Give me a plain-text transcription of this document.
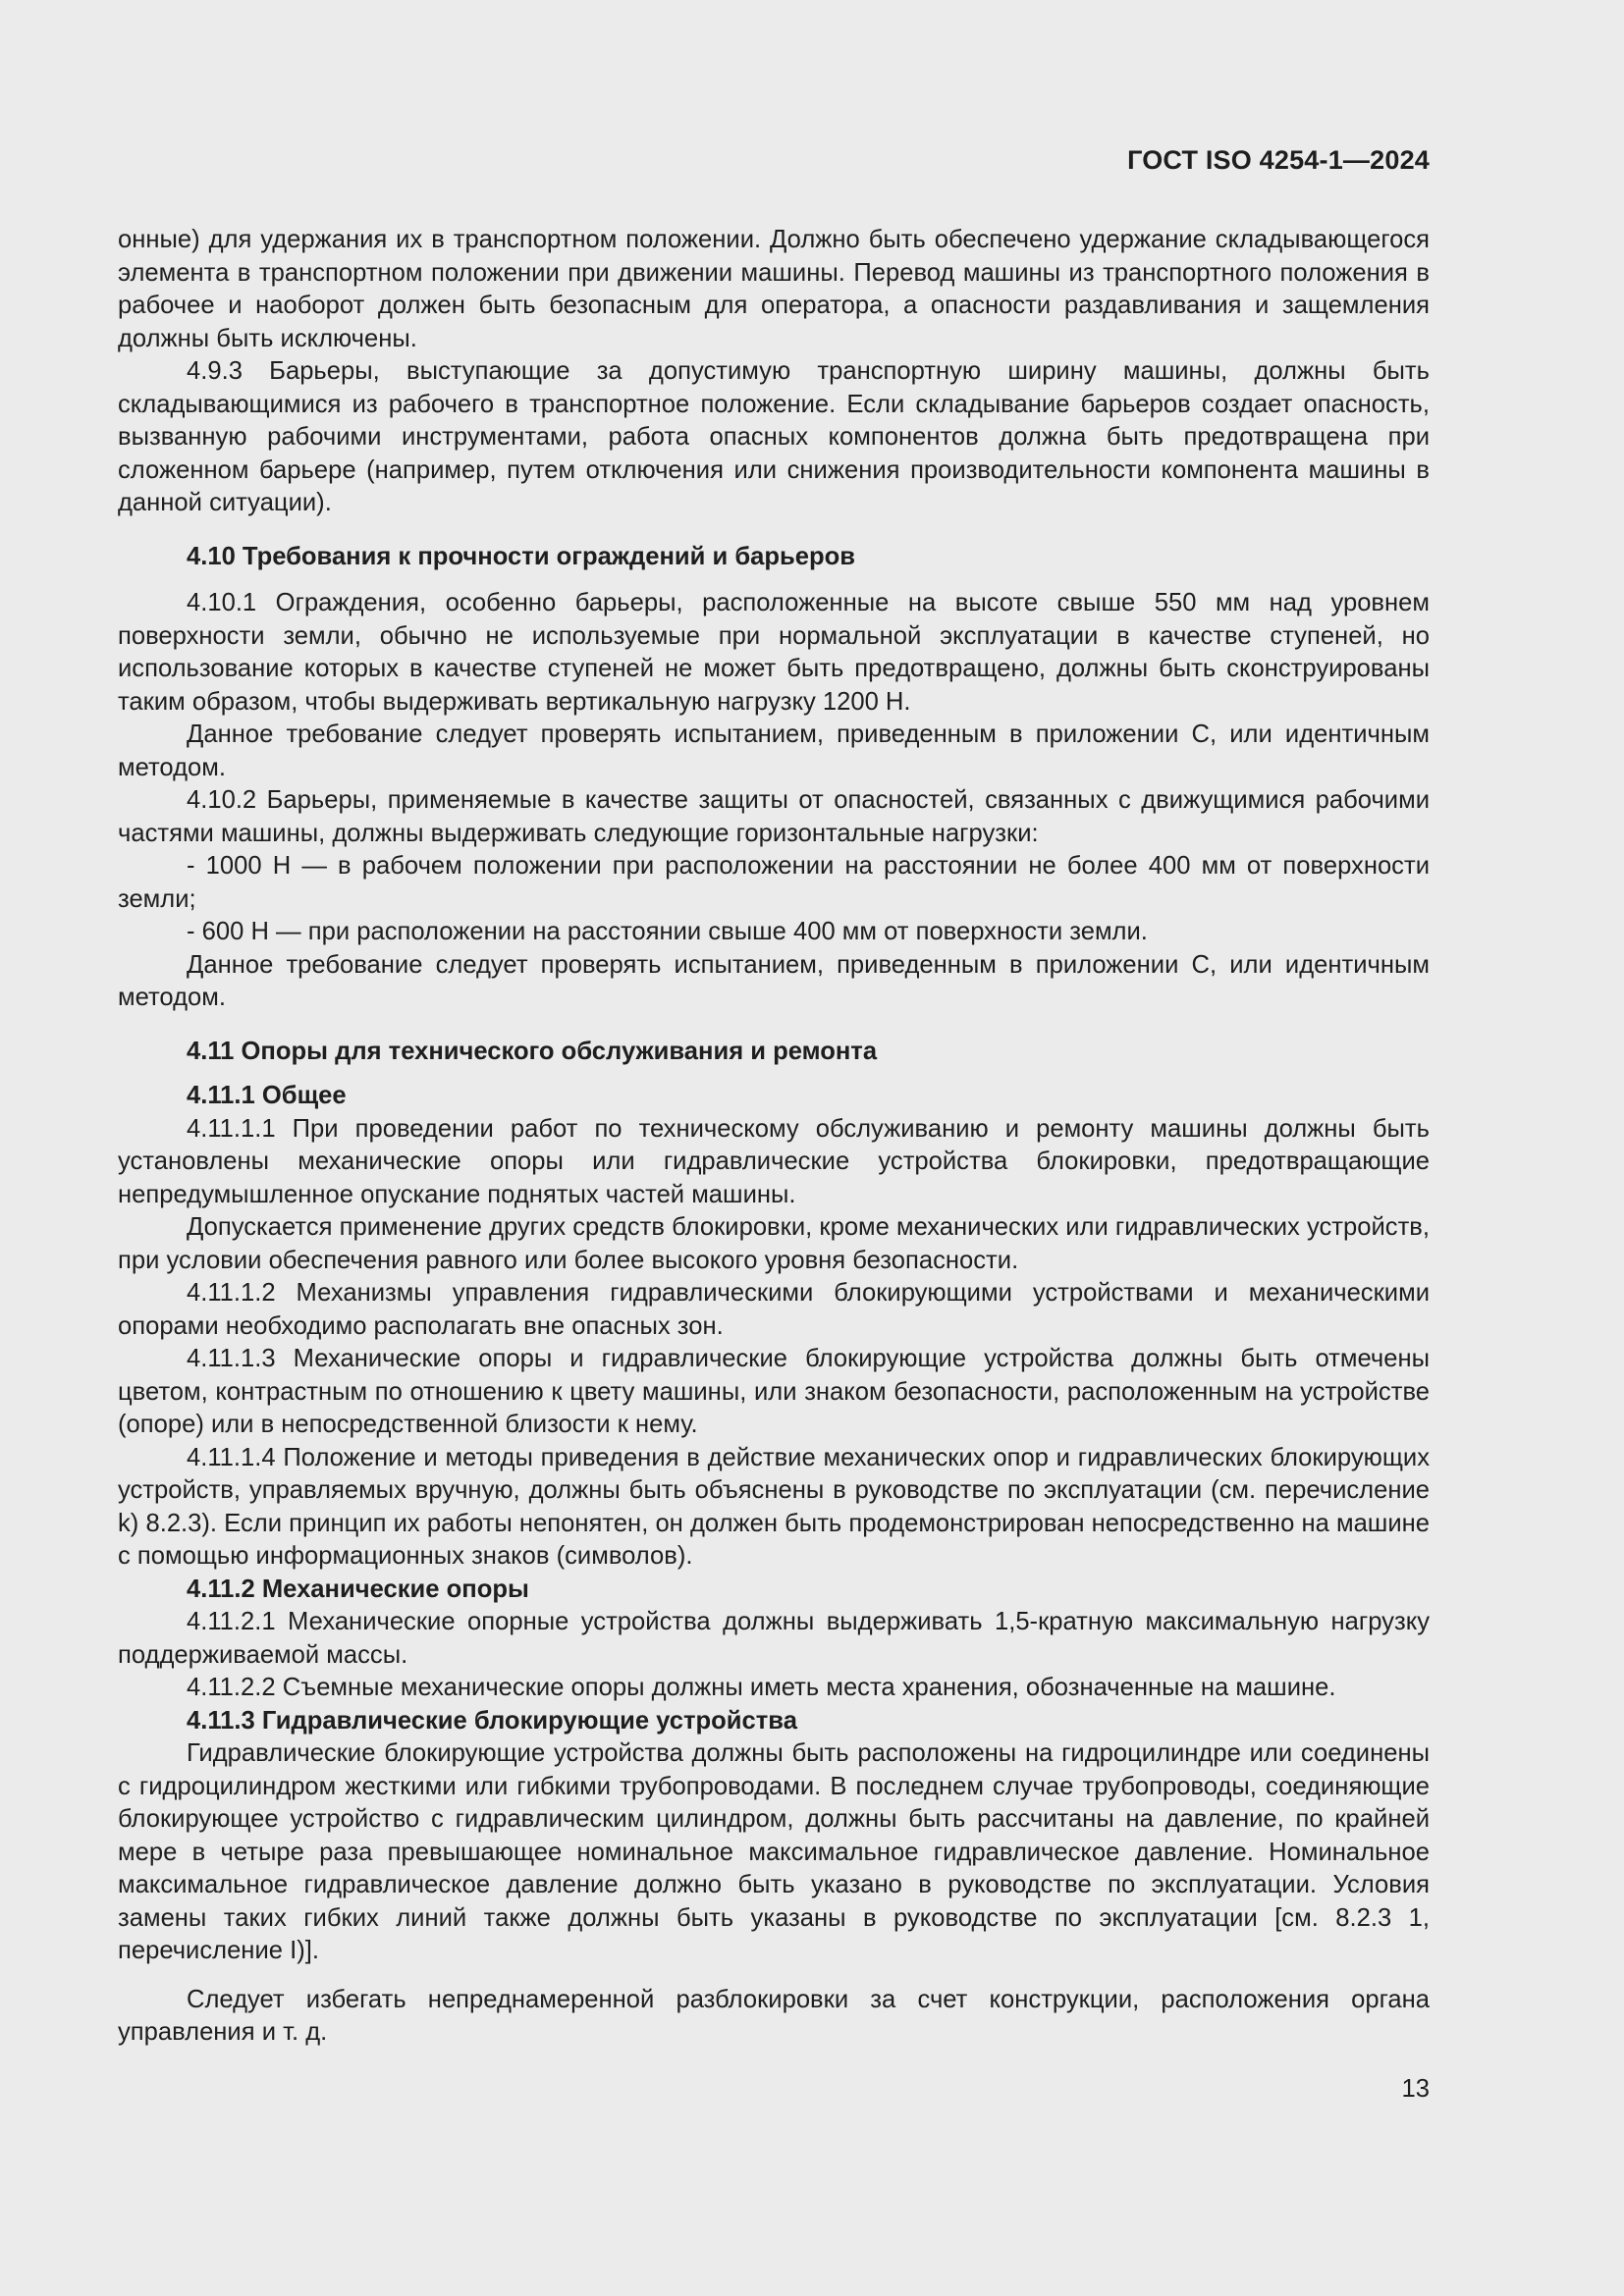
ГОСТ ISO 4254-1—2024

онные) для удержания их в транспортном положении. Должно быть обеспечено удержание складывающегося элемента в транспортном положении при движении машины. Перевод машины из транспортного положения в рабочее и наоборот должен быть безопасным для оператора, а опасности раздавливания и защемления должны быть исключены.

4.9.3 Барьеры, выступающие за допустимую транспортную ширину машины, должны быть складывающимися из рабочего в транспортное положение. Если складывание барьеров создает опасность, вызванную рабочими инструментами, работа опасных компонентов должна быть предотвращена при сложенном барьере (например, путем отключения или снижения производительности компонента машины в данной ситуации).

4.10 Требования к прочности ограждений и барьеров

4.10.1 Ограждения, особенно барьеры, расположенные на высоте свыше 550 мм над уровнем поверхности земли, обычно не используемые при нормальной эксплуатации в качестве ступеней, но использование которых в качестве ступеней не может быть предотвращено, должны быть сконструированы таким образом, чтобы выдерживать вертикальную нагрузку 1200 Н.

Данное требование следует проверять испытанием, приведенным в приложении С, или идентичным методом.

4.10.2 Барьеры, применяемые в качестве защиты от опасностей, связанных с движущимися рабочими частями машины, должны выдерживать следующие горизонтальные нагрузки:

- 1000 Н — в рабочем положении при расположении на расстоянии не более 400 мм от поверхности земли;

- 600 Н — при расположении на расстоянии свыше 400 мм от поверхности земли.

Данное требование следует проверять испытанием, приведенным в приложении С, или идентичным методом.

4.11 Опоры для технического обслуживания и ремонта
4.11.1 Общее

4.11.1.1 При проведении работ по техническому обслуживанию и ремонту машины должны быть установлены механические опоры или гидравлические устройства блокировки, предотвращающие непредумышленное опускание поднятых частей машины.

Допускается применение других средств блокировки, кроме механических или гидравлических устройств, при условии обеспечения равного или более высокого уровня безопасности.

4.11.1.2 Механизмы управления гидравлическими блокирующими устройствами и механическими опорами необходимо располагать вне опасных зон.

4.11.1.3 Механические опоры и гидравлические блокирующие устройства должны быть отмечены цветом, контрастным по отношению к цвету машины, или знаком безопасности, расположенным на устройстве (опоре) или в непосредственной близости к нему.

4.11.1.4 Положение и методы приведения в действие механических опор и гидравлических блокирующих устройств, управляемых вручную, должны быть объяснены в руководстве по эксплуатации (см. перечисление k) 8.2.3). Если принцип их работы непонятен, он должен быть продемонстрирован непосредственно на машине с помощью информационных знаков (символов).

4.11.2 Механические опоры

4.11.2.1 Механические опорные устройства должны выдерживать 1,5-кратную максимальную нагрузку поддерживаемой массы.

4.11.2.2 Съемные механические опоры должны иметь места хранения, обозначенные на машине.

4.11.3 Гидравлические блокирующие устройства

Гидравлические блокирующие устройства должны быть расположены на гидроцилиндре или соединены с гидроцилиндром жесткими или гибкими трубопроводами. В последнем случае трубопроводы, соединяющие блокирующее устройство с гидравлическим цилиндром, должны быть рассчитаны на давление, по крайней мере в четыре раза превышающее номинальное максимальное гидравлическое давление. Номинальное максимальное гидравлическое давление должно быть указано в руководстве по эксплуатации. Условия замены таких гибких линий также должны быть указаны в руководстве по эксплуатации [см. 8.2.3 1, перечисление I)].

Следует избегать непреднамеренной разблокировки за счет конструкции, расположения органа управления и т. д.

13
